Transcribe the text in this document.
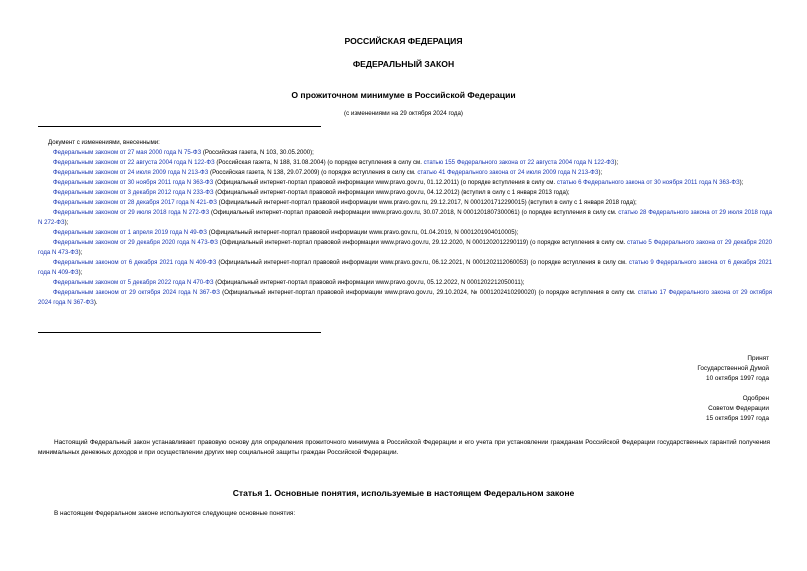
РОССИЙСКАЯ ФЕДЕРАЦИЯ
ФЕДЕРАЛЬНЫЙ ЗАКОН
О прожиточном минимуме в Российской Федерации
(с изменениями на 29 октября 2024 года)
Документ с изменениями, внесенными:
Федеральным законом от 27 мая 2000 года N 75-ФЗ (Российская газета, N 103, 30.05.2000);
Федеральным законом от 22 августа 2004 года N 122-ФЗ (Российская газета, N 188, 31.08.2004) (о порядке вступления в силу см. статью 155 Федерального закона от 22 августа 2004 года N 122-ФЗ);
Федеральным законом от 24 июля 2009 года N 213-ФЗ (Российская газета, N 138, 29.07.2009) (о порядке вступления в силу см. статью 41 Федерального закона от 24 июля 2009 года N 213-ФЗ);
Федеральным законом от 30 ноября 2011 года N 363-ФЗ (Официальный интернет-портал правовой информации www.pravo.gov.ru, 01.12.2011) (о порядке вступления в силу см. статью 6 Федерального закона от 30 ноября 2011 года N 363-ФЗ);
Федеральным законом от 3 декабря 2012 года N 233-ФЗ (Официальный интернет-портал правовой информации www.pravo.gov.ru, 04.12.2012) (вступил в силу с 1 января 2013 года);
Федеральным законом от 28 декабря 2017 года N 421-ФЗ (Официальный интернет-портал правовой информации www.pravo.gov.ru, 29.12.2017, N 0001201712290015) (вступил в силу с 1 января 2018 года);
Федеральным законом от 29 июля 2018 года N 272-ФЗ (Официальный интернет-портал правовой информации www.pravo.gov.ru, 30.07.2018, N 0001201807300061) (о порядке вступления в силу см. статью 28 Федерального закона от 29 июля 2018 года N 272-ФЗ);
Федеральным законом от 1 апреля 2019 года N 49-ФЗ (Официальный интернет-портал правовой информации www.pravo.gov.ru, 01.04.2019, N 0001201904010005);
Федеральным законом от 29 декабря 2020 года N 473-ФЗ (Официальный интернет-портал правовой информации www.pravo.gov.ru, 29.12.2020, N 0001202012290119) (о порядке вступления в силу см. статью 5 Федерального закона от 29 декабря 2020 года N 473-ФЗ);
Федеральным законом от 6 декабря 2021 года N 409-ФЗ (Официальный интернет-портал правовой информации www.pravo.gov.ru, 06.12.2021, N 0001202112060053) (о порядке вступления в силу см. статью 9 Федерального закона от 6 декабря 2021 года N 409-ФЗ);
Федеральным законом от 5 декабря 2022 года N 470-ФЗ (Официальный интернет-портал правовой информации www.pravo.gov.ru, 05.12.2022, N 0001202212050011);
Федеральным законом от 29 октября 2024 года N 367-ФЗ (Официальный интернет-портал правовой информации www.pravo.gov.ru, 29.10.2024, № 0001202410290020) (о порядке вступления в силу см. статью 17 Федерального закона от 29 октября 2024 года N 367-ФЗ).
Принят
Государственной Думой
10 октября 1997 года
Одобрен
Советом Федерации
15 октября 1997 года
Настоящий Федеральный закон устанавливает правовую основу для определения прожиточного минимума в Российской Федерации и его учета при установлении гражданам Российской Федерации государственных гарантий получения минимальных денежных доходов и при осуществлении других мер социальной защиты граждан Российской Федерации.
Статья 1. Основные понятия, используемые в настоящем Федеральном законе
В настоящем Федеральном законе используются следующие основные понятия:
